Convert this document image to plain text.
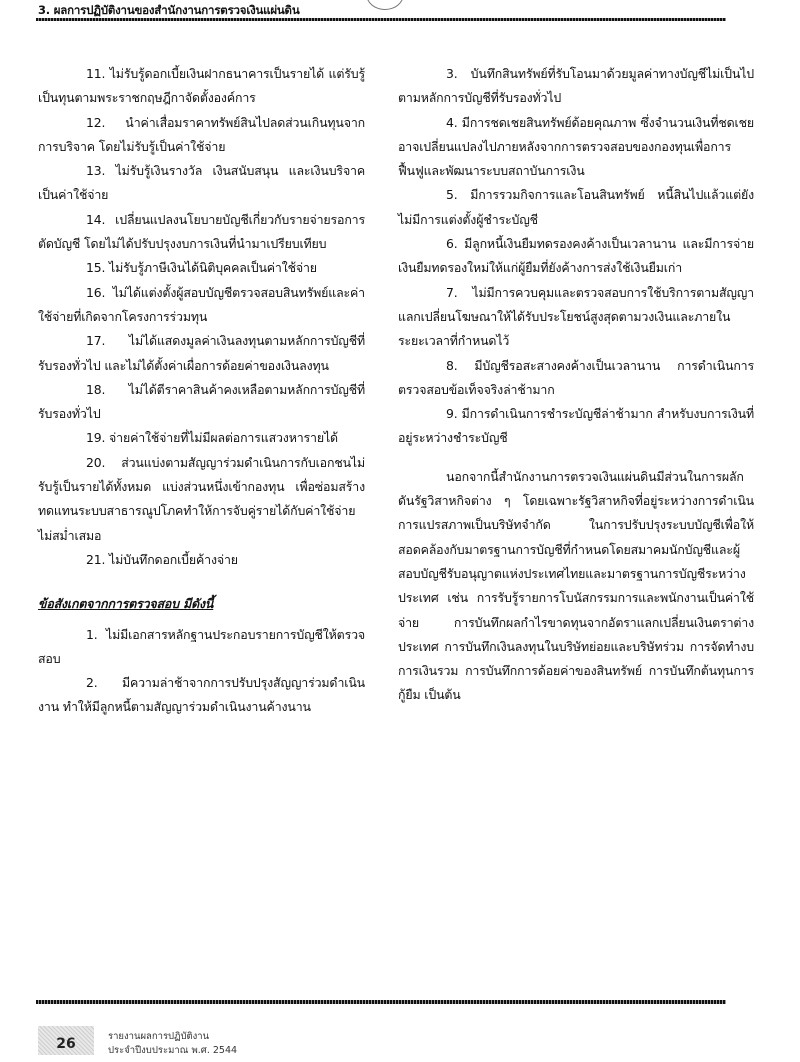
3. ผลการปฏิบัติงานของสำนักงานการตรวจเงินแผ่นดิน

11. ไม่รับรู้ดอกเบี้ยเงินฝากธนาคารเป็นรายได้ แต่รับรู้เป็นทุนตามพระราชกฤษฎีกาจัดตั้งองค์การ

12. นำค่าเสื่อมราคาทรัพย์สินไปลดส่วนเกินทุนจากการบริจาค โดยไม่รับรู้เป็นค่าใช้จ่าย

13. ไม่รับรู้เงินรางวัล เงินสนับสนุน และเงินบริจาคเป็นค่าใช้จ่าย

14. เปลี่ยนแปลงนโยบายบัญชีเกี่ยวกับรายจ่ายรอการตัดบัญชี โดยไม่ได้ปรับปรุงงบการเงินที่นำมาเปรียบเทียบ

15. ไม่รับรู้ภาษีเงินได้นิติบุคคลเป็นค่าใช้จ่าย

16. ไม่ได้แต่งตั้งผู้สอบบัญชีตรวจสอบสินทรัพย์และค่าใช้จ่ายที่เกิดจากโครงการร่วมทุน

17. ไม่ได้แสดงมูลค่าเงินลงทุนตามหลักการบัญชีที่รับรองทั่วไป และไม่ได้ตั้งค่าเผื่อการด้อยค่าของเงินลงทุน

18. ไม่ได้ตีราคาสินค้าคงเหลือตามหลักการบัญชีที่รับรองทั่วไป

19. จ่ายค่าใช้จ่ายที่ไม่มีผลต่อการแสวงหารายได้

20. ส่วนแบ่งตามสัญญาร่วมดำเนินการกับเอกชนไม่รับรู้เป็นรายได้ทั้งหมด แบ่งส่วนหนึ่งเข้ากองทุน เพื่อซ่อมสร้างทดแทนระบบสาธารณูปโภคทำให้การจับคู่รายได้กับค่าใช้จ่ายไม่สม่ำเสมอ

21. ไม่บันทึกดอกเบี้ยค้างจ่าย

ข้อสังเกตจากการตรวจสอบ มีดังนี้

1. ไม่มีเอกสารหลักฐานประกอบรายการบัญชีให้ตรวจสอบ

2. มีความล่าช้าจากการปรับปรุงสัญญาร่วมดำเนินงาน ทำให้มีลูกหนี้ตามสัญญาร่วมดำเนินงานค้างนาน

3. บันทึกสินทรัพย์ที่รับโอนมาด้วยมูลค่าทางบัญชีไม่เป็นไปตามหลักการบัญชีที่รับรองทั่วไป

4. มีการชดเชยสินทรัพย์ด้อยคุณภาพ ซึ่งจำนวนเงินที่ชดเชยอาจเปลี่ยนแปลงไปภายหลังจากการตรวจสอบของกองทุนเพื่อการฟื้นฟูและพัฒนาระบบสถาบันการเงิน

5. มีการรวมกิจการและโอนสินทรัพย์ หนี้สินไปแล้วแต่ยังไม่มีการแต่งตั้งผู้ชำระบัญชี

6. มีลูกหนี้เงินยืมทดรองคงค้างเป็นเวลานาน และมีการจ่ายเงินยืมทดรองใหม่ให้แก่ผู้ยืมที่ยังค้างการส่งใช้เงินยืมเก่า

7. ไม่มีการควบคุมและตรวจสอบการใช้บริการตามสัญญาแลกเปลี่ยนโฆษณาให้ได้รับประโยชน์สูงสุดตามวงเงินและภายในระยะเวลาที่กำหนดไว้

8. มีบัญชีรอสะสางคงค้างเป็นเวลานาน การดำเนินการตรวจสอบข้อเท็จจริงล่าช้ามาก

9. มีการดำเนินการชำระบัญชีล่าช้ามาก สำหรับงบการเงินที่อยู่ระหว่างชำระบัญชี

นอกจากนี้สำนักงานการตรวจเงินแผ่นดินมีส่วนในการผลักดันรัฐวิสาหกิจต่าง ๆ โดยเฉพาะรัฐวิสาหกิจที่อยู่ระหว่างการดำเนินการแปรสภาพเป็นบริษัทจำกัด ในการปรับปรุงระบบบัญชีเพื่อให้สอดคล้องกับมาตรฐานการบัญชีที่กำหนดโดยสมาคมนักบัญชีและผู้สอบบัญชีรับอนุญาตแห่งประเทศไทยและมาตรฐานการบัญชีระหว่างประเทศ เช่น การรับรู้รายการโบนัสกรรมการและพนักงานเป็นค่าใช้จ่าย การบันทึกผลกำไรขาดทุนจากอัตราแลกเปลี่ยนเงินตราต่างประเทศ การบันทึกเงินลงทุนในบริษัทย่อยและบริษัทร่วม การจัดทำงบการเงินรวม การบันทึกการด้อยค่าของสินทรัพย์ การบันทึกต้นทุนการกู้ยืม เป็นต้น

26	รายงานผลการปฏิบัติงาน
ประจำปีงบประมาณ พ.ศ. 2544
